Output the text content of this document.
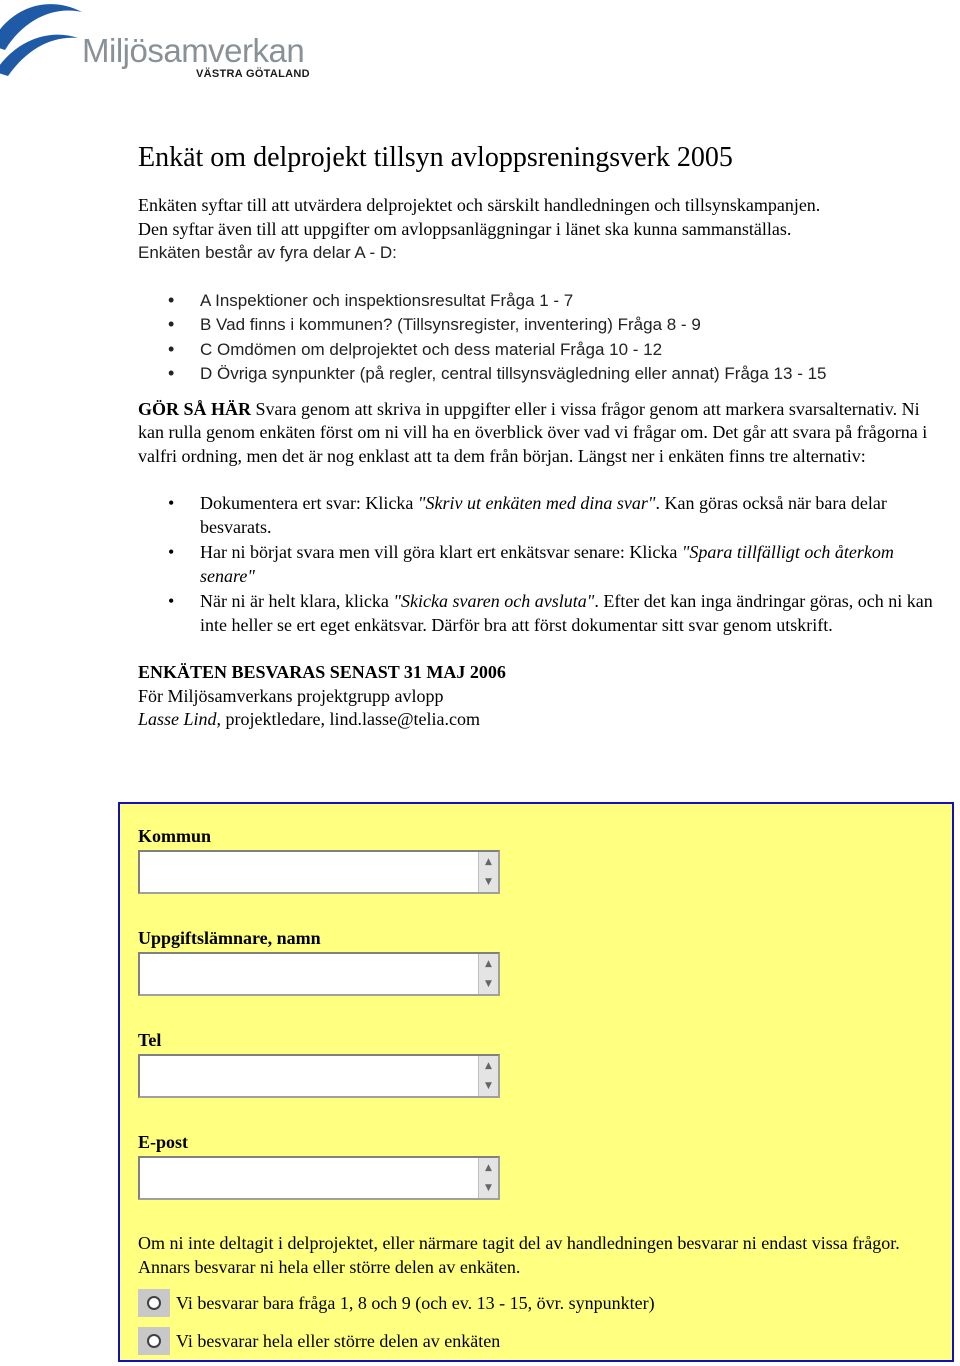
Miljösamverkan
VÄSTRA GÖTALAND
Enkät om delprojekt tillsyn avloppsreningsverk 2005

Enkäten syftar till att utvärdera delprojektet och särskilt handledningen och tillsynskampanjen.
Den syftar även till att uppgifter om avloppsanläggningar i länet ska kunna sammanställas.
Enkäten består av fyra delar A - D:

• A Inspektioner och inspektionsresultat Fråga 1 - 7
• B Vad finns i kommunen? (Tillsynsregister, inventering) Fråga 8 - 9
• C Omdömen om delprojektet och dess material Fråga 10 - 12
• D Övriga synpunkter (på regler, central tillsynsvägledning eller annat) Fråga 13 - 15

GÖR SÅ HÄR Svara genom att skriva in uppgifter eller i vissa frågor genom att markera svarsalternativ. Ni kan rulla genom enkäten först om ni vill ha en överblick över vad vi frågar om. Det går att svara på frågorna i valfri ordning, men det är nog enklast att ta dem från början. Längst ner i enkäten finns tre alternativ:

• Dokumentera ert svar: Klicka "Skriv ut enkäten med dina svar". Kan göras också när bara delar besvarats.
• Har ni börjat svara men vill göra klart ert enkätsvar senare: Klicka "Spara tillfälligt och återkom senare"
• När ni är helt klara, klicka "Skicka svaren och avsluta". Efter det kan inga ändringar göras, och ni kan inte heller se ert eget enkätsvar. Därför bra att först dokumentar sitt svar genom utskrift.

ENKÄTEN BESVARAS SENAST 31 MAJ 2006
För Miljösamverkans projektgrupp avlopp
Lasse Lind, projektledare, lind.lasse@telia.com

Kommun
▲
▼
Uppgiftslämnare, namn
▲
▼
Tel
▲
▼
E-post
▲
▼

Om ni inte deltagit i delprojektet, eller närmare tagit del av handledningen besvarar ni endast vissa frågor. Annars besvarar ni hela eller större delen av enkäten.

Vi besvarar bara fråga 1, 8 och 9 (och ev. 13 - 15, övr. synpunkter)
Vi besvarar hela eller större delen av enkäten
